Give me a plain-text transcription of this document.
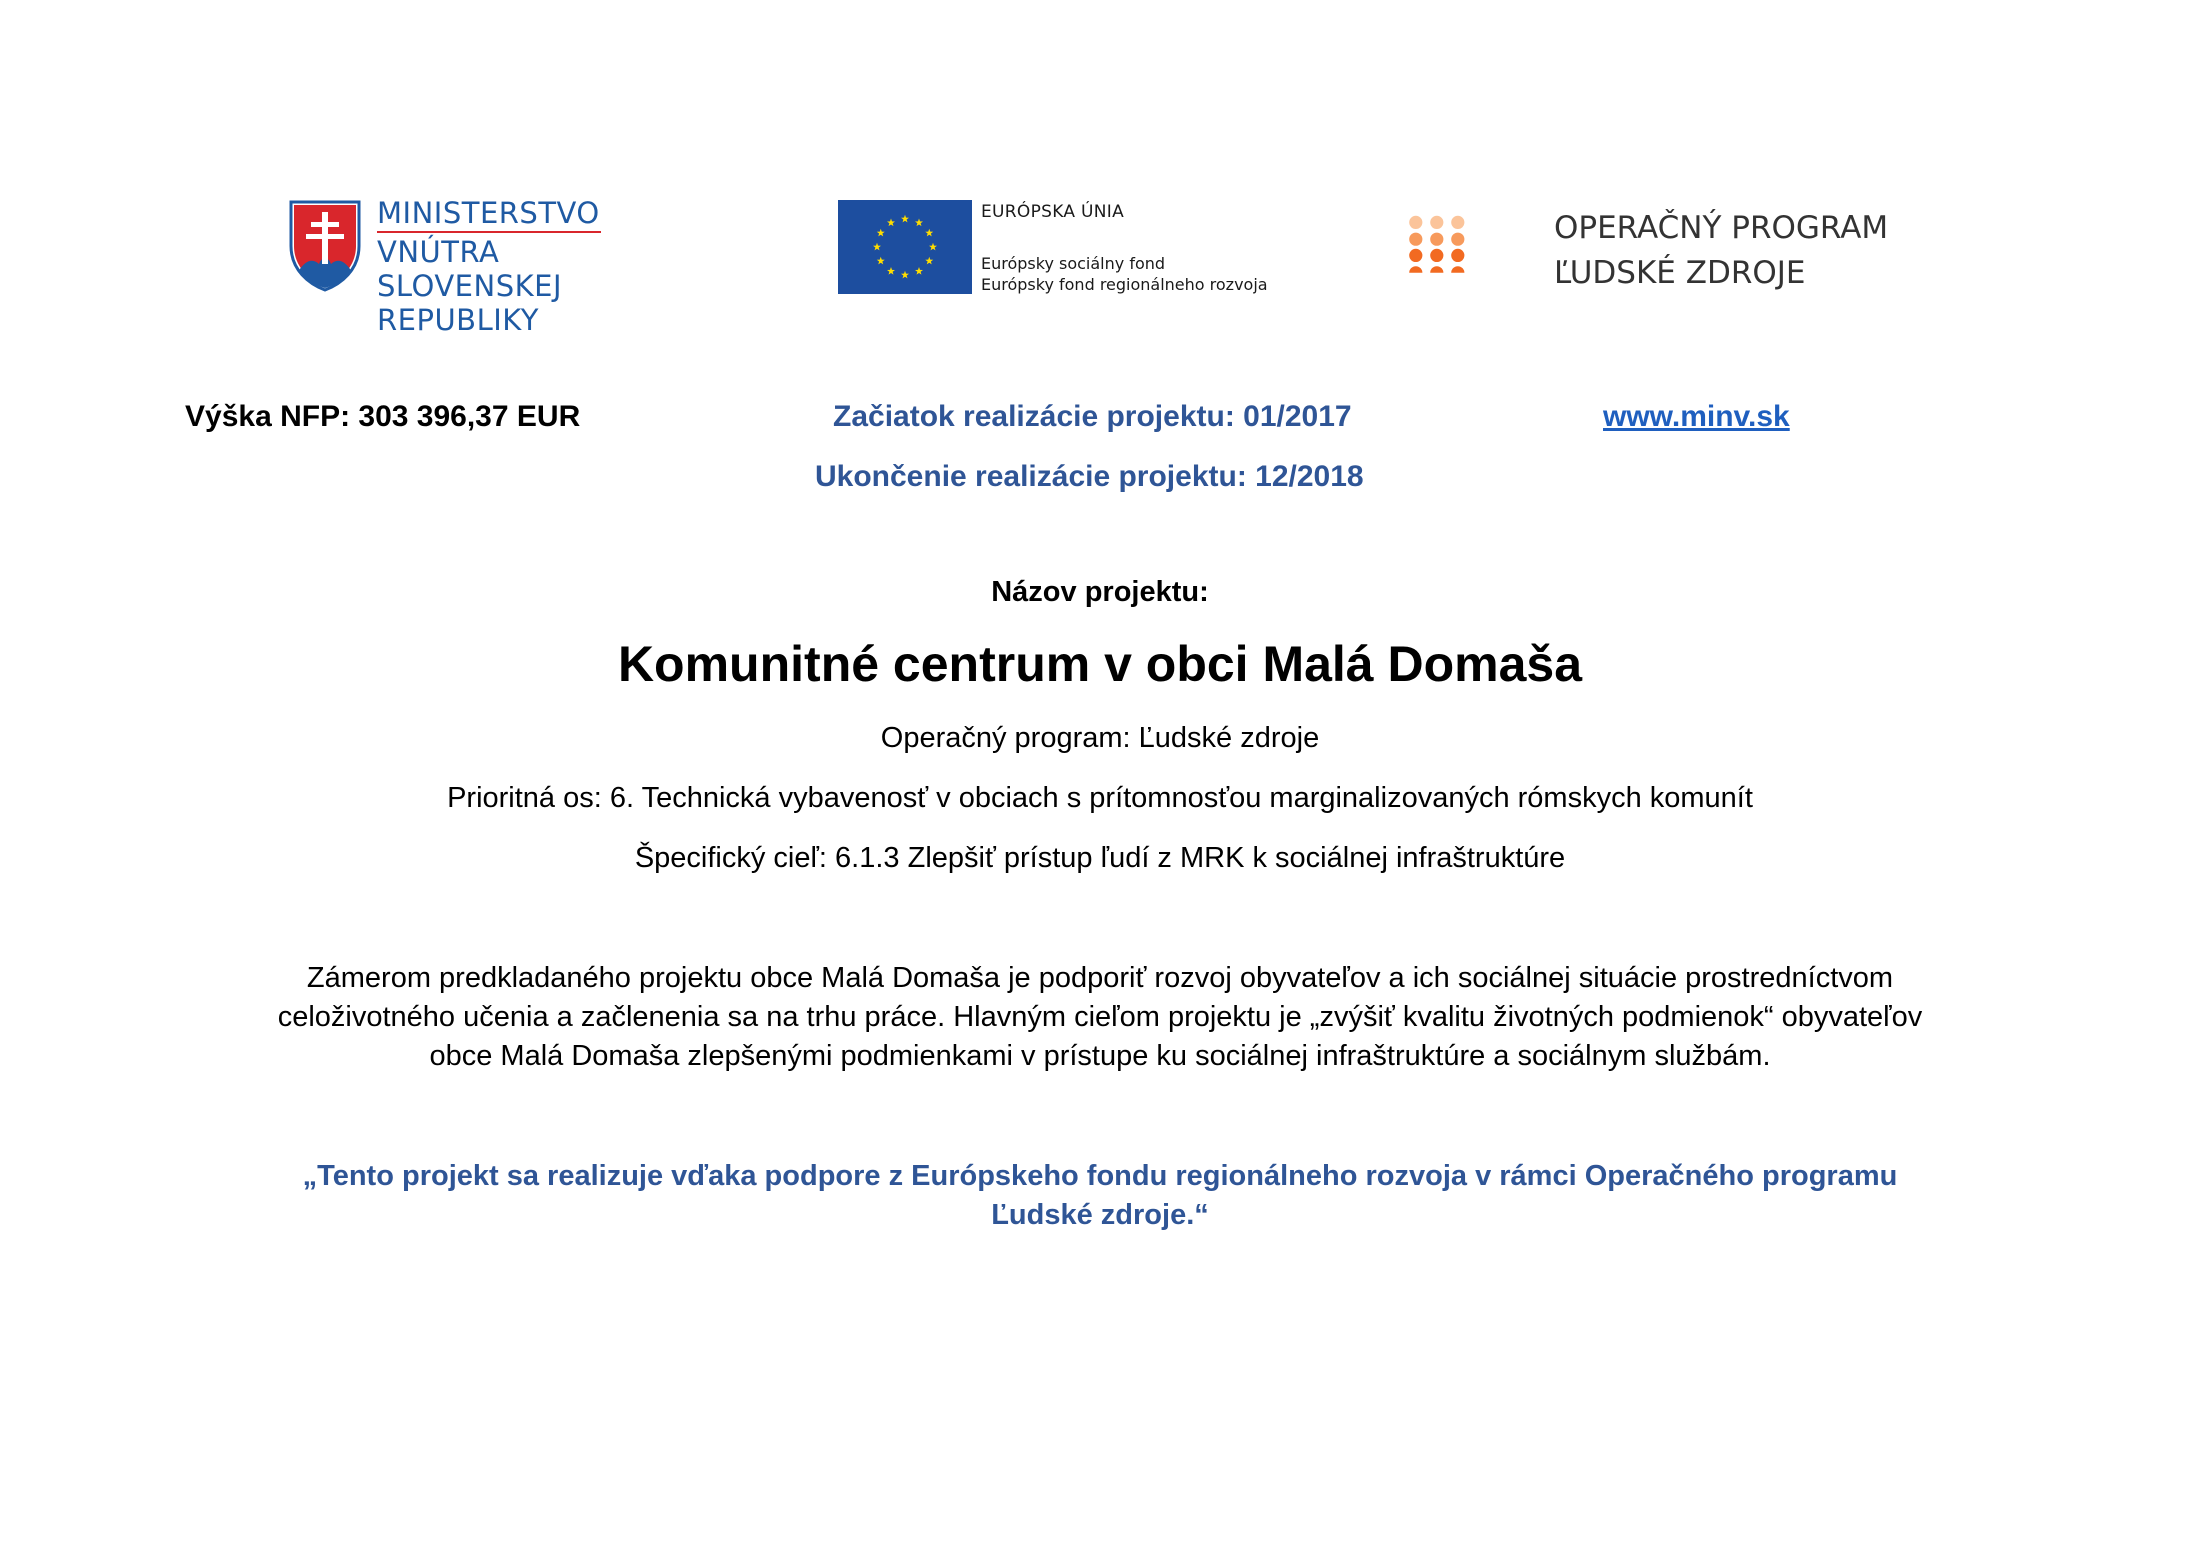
MINISTERSTVO
VNÚTRA
SLOVENSKEJ REPUBLIKY
EURÓPSKA ÚNIA
Európsky sociálny fond
Európsky fond regionálneho rozvoja
OPERAČNÝ PROGRAM
ĽUDSKÉ ZDROJE
Výška NFP: 303 396,37 EUR	Začiatok realizácie projektu: 01/2017	www.minv.sk
Ukončenie realizácie projektu: 12/2018
Názov projektu:
Komunitné centrum v obci Malá Domaša
Operačný program: Ľudské zdroje
Prioritná os: 6. Technická vybavenosť v obciach s prítomnosťou marginalizovaných rómskych komunít
Špecifický cieľ: 6.1.3 Zlepšiť prístup ľudí z MRK k sociálnej infraštruktúre
Zámerom predkladaného projektu obce Malá Domaša je podporiť rozvoj obyvateľov a ich sociálnej situácie prostredníctvom
celoživotného učenia a začlenenia sa na trhu práce. Hlavným cieľom projektu je „zvýšiť kvalitu životných podmienok“ obyvateľov
obce Malá Domaša zlepšenými podmienkami v prístupe ku sociálnej infraštruktúre a sociálnym službám.
„Tento projekt sa realizuje vďaka podpore z Európskeho fondu regionálneho rozvoja v rámci Operačného programu
Ľudské zdroje.“
